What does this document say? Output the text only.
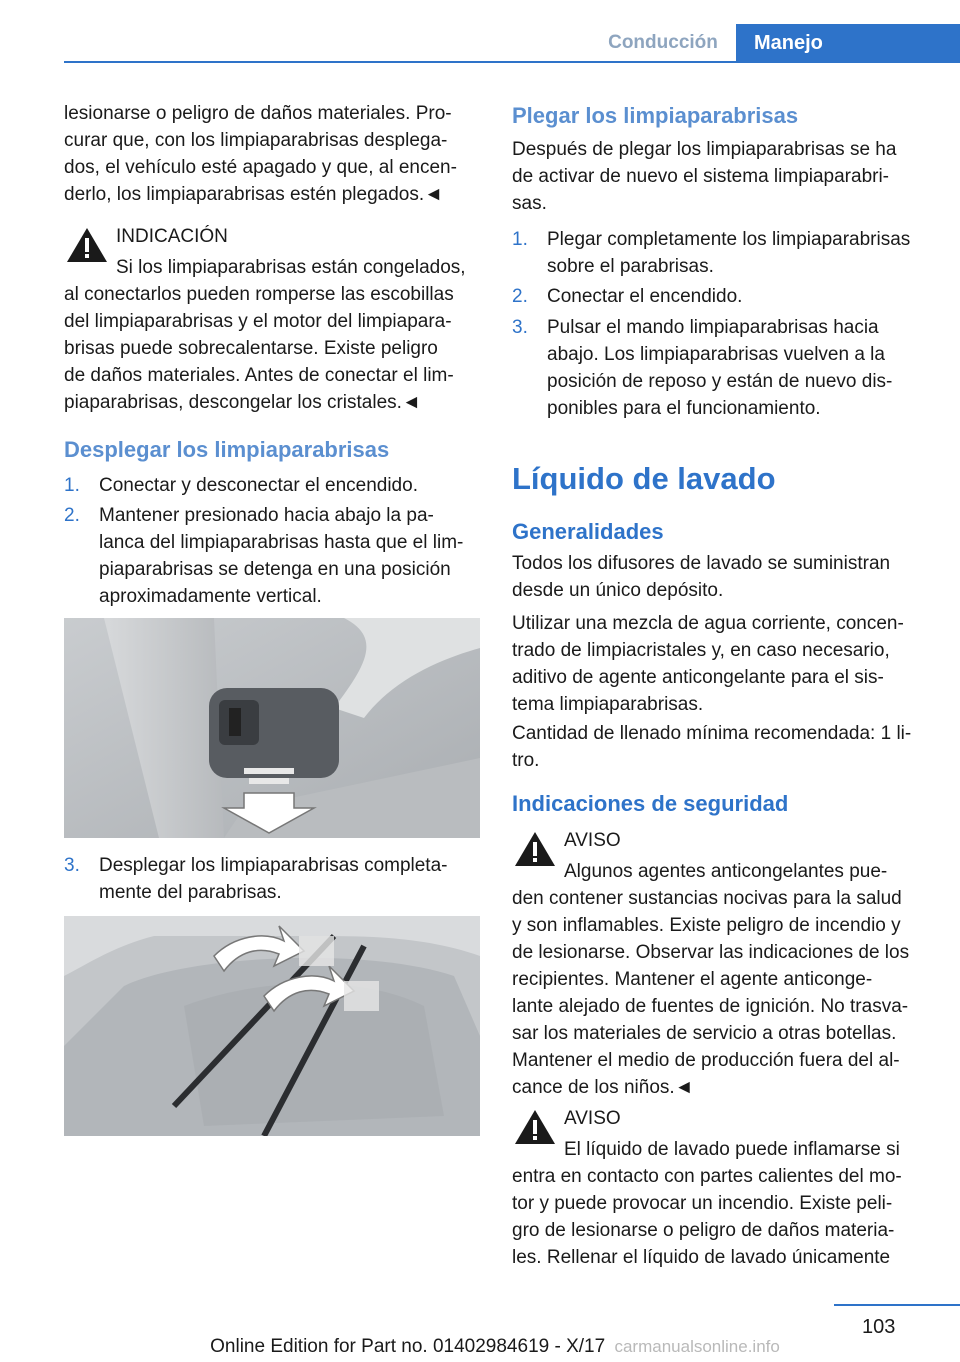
Conducción	Manejo
lesionarse o peligro de daños materiales. Pro-
curar que, con los limpiaparabrisas desplega-
dos, el vehículo esté apagado y que, al encen-
derlo, los limpiaparabrisas estén plegados.◄
INDICACIÓN
Si los limpiaparabrisas están congelados,
al conectarlos pueden romperse las escobillas
del limpiaparabrisas y el motor del limpiapara-
brisas puede sobrecalentarse. Existe peligro
de daños materiales. Antes de conectar el lim-
piaparabrisas, descongelar los cristales.◄
Desplegar los limpiaparabrisas
1. Conectar y desconectar el encendido.
2. Mantener presionado hacia abajo la pa-
lanca del limpiaparabrisas hasta que el lim-
piaparabrisas se detenga en una posición
aproximadamente vertical.
3. Desplegar los limpiaparabrisas completa-
mente del parabrisas.
Plegar los limpiaparabrisas
Después de plegar los limpiaparabrisas se ha
de activar de nuevo el sistema limpiaparabri-
sas.
1. Plegar completamente los limpiaparabrisas
sobre el parabrisas.
2. Conectar el encendido.
3. Pulsar el mando limpiaparabrisas hacia
abajo. Los limpiaparabrisas vuelven a la
posición de reposo y están de nuevo dis-
ponibles para el funcionamiento.
Líquido de lavado
Generalidades
Todos los difusores de lavado se suministran
desde un único depósito.
Utilizar una mezcla de agua corriente, concen-
trado de limpiacristales y, en caso necesario,
aditivo de agente anticongelante para el sis-
tema limpiaparabrisas.
Cantidad de llenado mínima recomendada: 1 li-
tro.
Indicaciones de seguridad
AVISO
Algunos agentes anticongelantes pue-
den contener sustancias nocivas para la salud
y son inflamables. Existe peligro de incendio y
de lesionarse. Observar las indicaciones de los
recipientes. Mantener el agente anticonge-
lante alejado de fuentes de ignición. No trasva-
sar los materiales de servicio a otras botellas.
Mantener el medio de producción fuera del al-
cance de los niños.◄
AVISO
El líquido de lavado puede inflamarse si
entra en contacto con partes calientes del mo-
tor y puede provocar un incendio. Existe peli-
gro de lesionarse o peligro de daños materia-
les. Rellenar el líquido de lavado únicamente
103
Online Edition for Part no. 01402984619 - X/17 carmanualsonline.info
